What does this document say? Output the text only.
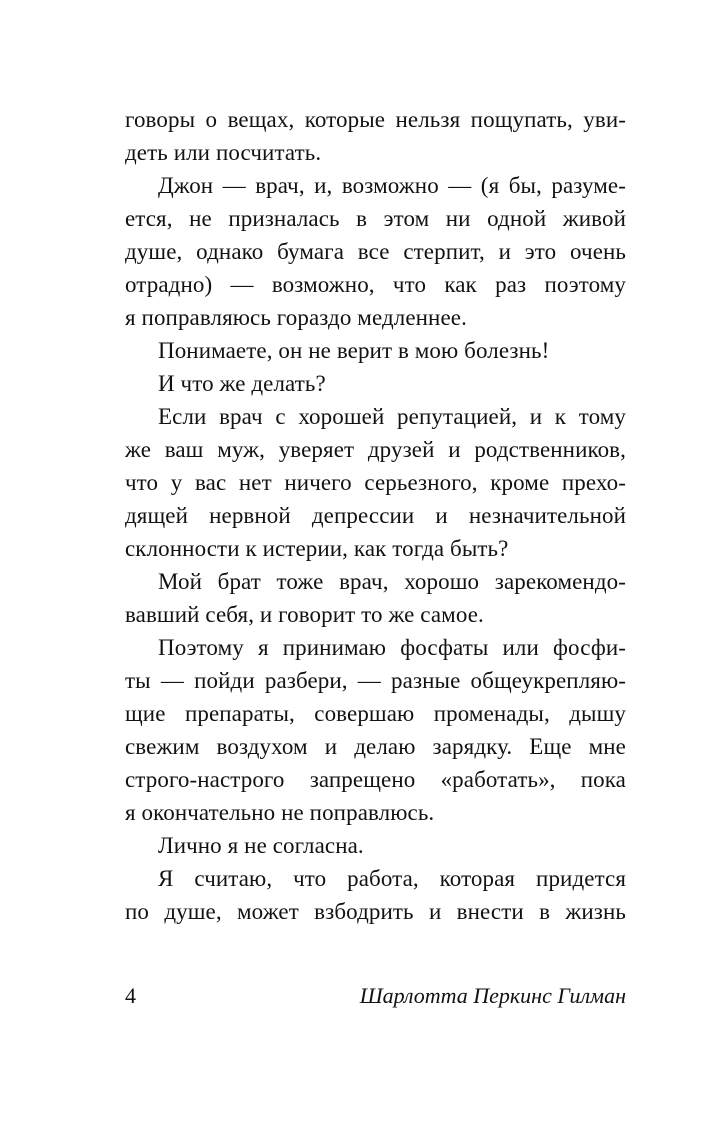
говоры о вещах, которые нельзя пощупать, уви-
деть или посчитать.
Джон — врач, и, возможно — (я бы, разуме-
ется, не призналась в этом ни одной живой
душе, однако бумага все стерпит, и это очень
отрадно) — возможно, что как раз поэтому
я поправляюсь гораздо медленнее.
Понимаете, он не верит в мою болезнь!
И что же делать?
Если врач с хорошей репутацией, и к тому
же ваш муж, уверяет друзей и родственников,
что у вас нет ничего серьезного, кроме прехо-
дящей нервной депрессии и незначительной
склонности к истерии, как тогда быть?
Мой брат тоже врач, хорошо зарекомендо-
вавший себя, и говорит то же самое.
Поэтому я принимаю фосфаты или фосфи-
ты — пойди разбери, — разные общеукрепляю-
щие препараты, совершаю променады, дышу
свежим воздухом и делаю зарядку. Еще мне
строго-настрого запрещено «работать», пока
я окончательно не поправлюсь.
Лично я не согласна.
Я считаю, что работа, которая придется
по душе, может взбодрить и внести в жизнь
4	Шарлотта Перкинс Гилман
